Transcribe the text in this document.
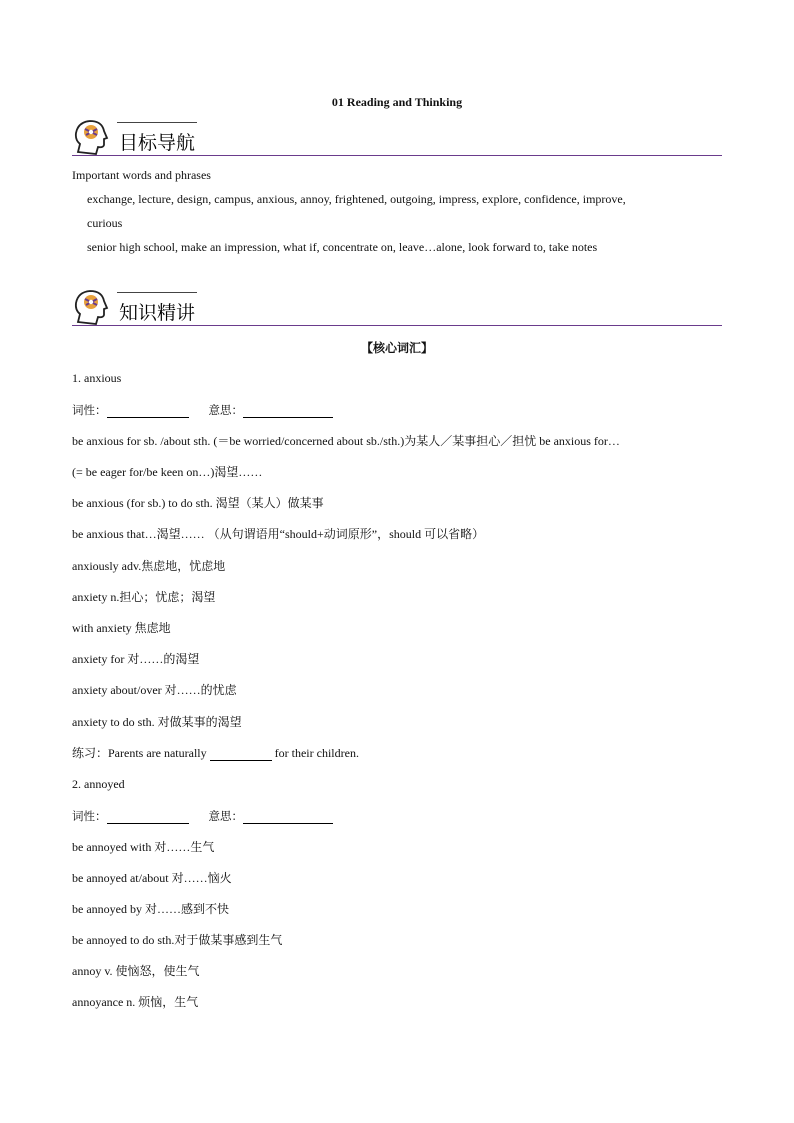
01 Reading and Thinking
目标导航
Important words and phrases
exchange, lecture, design, campus, anxious, annoy, frightened, outgoing, impress, explore, confidence, improve,
curious
senior high school, make an impression, what if, concentrate on, leave…alone, look forward to, take notes
知识精讲
【核心词汇】
1. anxious
词性：	意思：
be anxious for sb. /about sth. (＝be worried/concerned about sb./sth.)为某人／某事担心／担忧 be anxious for…
(= be eager for/be keen on…)渴望……
be anxious (for sb.) to do sth. 渴望（某人）做某事
be anxious that…渴望…… （从句谓语用“should+动词原形”，should 可以省略）
anxiously adv.焦虑地，忧虑地
anxiety n.担心；忧虑；渴望
with anxiety 焦虑地
anxiety for 对……的渴望
anxiety about/over 对……的忧虑
anxiety to do sth. 对做某事的渴望
练习：Parents are naturally	for their children.
2. annoyed
词性：	意思：
be annoyed with 对……生气
be annoyed at/about 对……恼火
be annoyed by 对……感到不快
be annoyed to do sth.对于做某事感到生气
annoy v. 使恼怒，使生气
annoyance n. 烦恼，生气
